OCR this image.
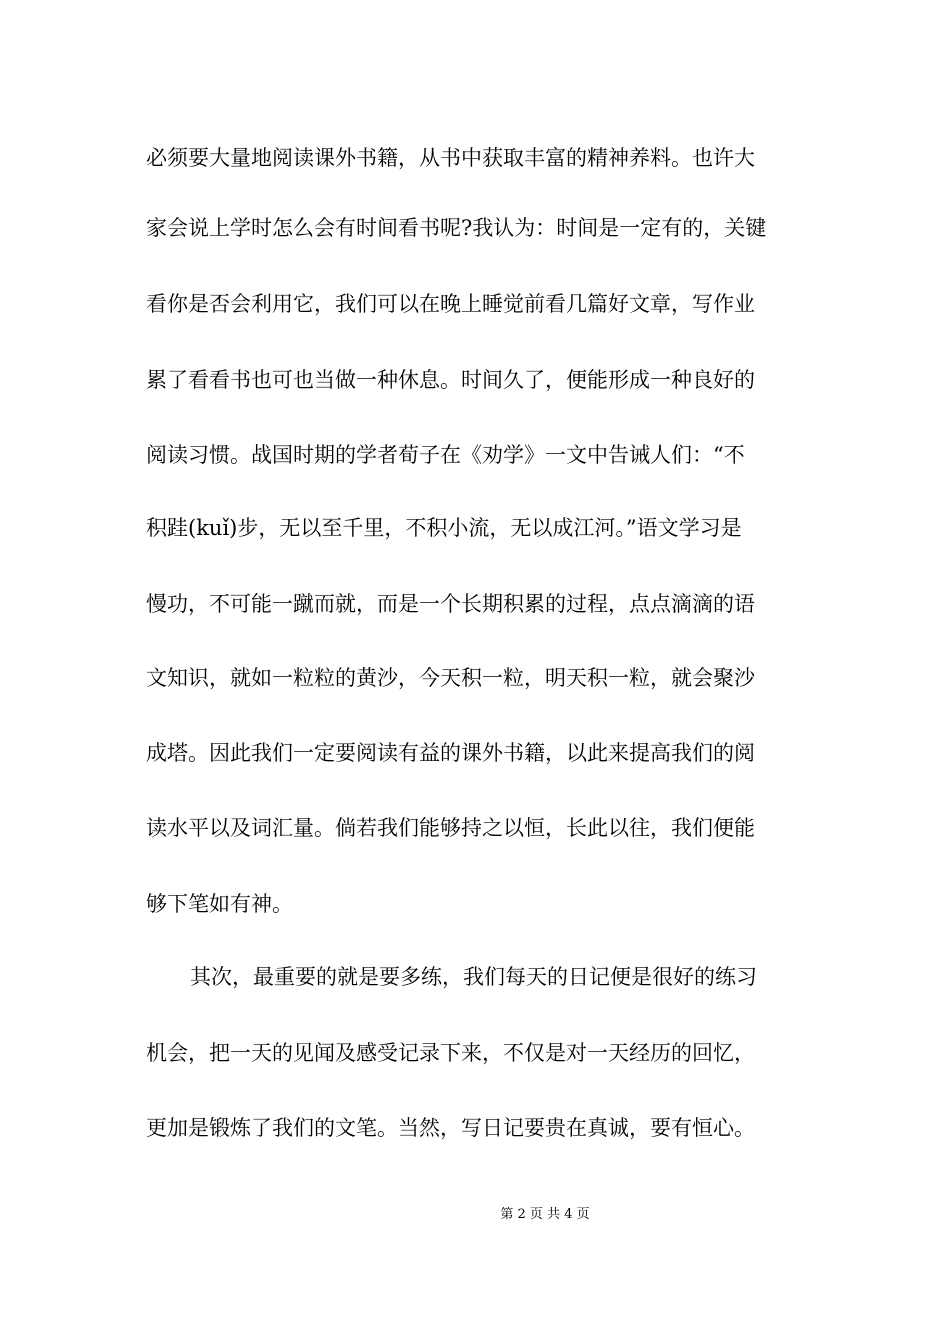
必须要大量地阅读课外书籍，从书中获取丰富的精神养料。也许大
家会说上学时怎么会有时间看书呢?我认为：时间是一定有的，关键
看你是否会利用它，我们可以在晚上睡觉前看几篇好文章，写作业
累了看看书也可也当做一种休息。时间久了，便能形成一种良好的
阅读习惯。战国时期的学者荀子在《劝学》一文中告诫人们：“不
积跬(kuǐ)步，无以至千里，不积小流，无以成江河。”语文学习是
慢功，不可能一蹴而就，而是一个长期积累的过程，点点滴滴的语
文知识，就如一粒粒的黄沙，今天积一粒，明天积一粒，就会聚沙
成塔。因此我们一定要阅读有益的课外书籍，以此来提高我们的阅
读水平以及词汇量。倘若我们能够持之以恒，长此以往，我们便能
够下笔如有神。
其次，最重要的就是要多练，我们每天的日记便是很好的练习
机会，把一天的见闻及感受记录下来，不仅是对一天经历的回忆，
更加是锻炼了我们的文笔。当然，写日记要贵在真诚，要有恒心。
第 2 页 共 4 页
